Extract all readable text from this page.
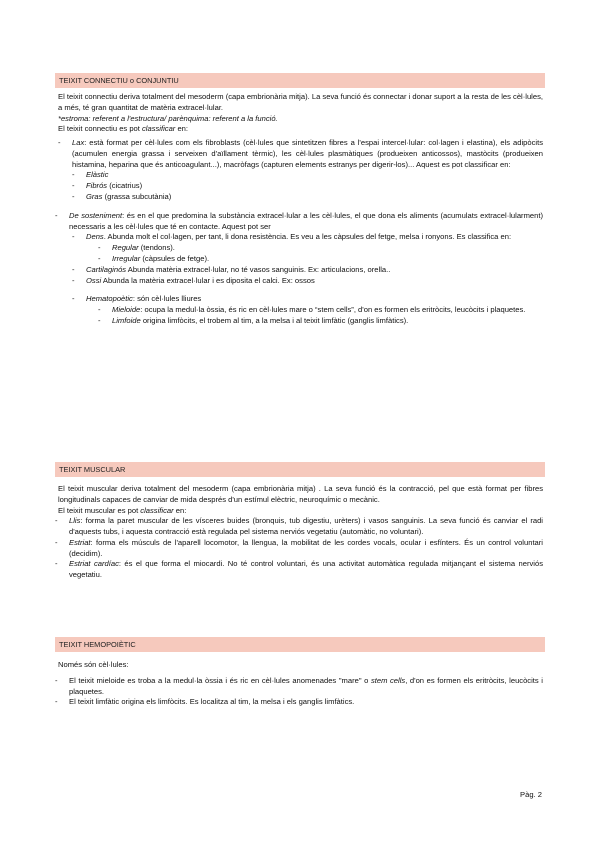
TEIXIT CONNECTIU o CONJUNTIU

El teixit connectiu deriva totalment del mesoderm (capa embrionària mitja). La seva funció és connectar i donar suport a la resta de les cèl·lules, a més, té gran quantitat de matèria extracel·lular.

*estroma: referent a l'estructura/ parènquima: referent a la funció.

El teixit connectiu es pot classificar en:

- Lax: està format per cèl·lules com els fibroblasts (cèl·lules que sintetitzen fibres a l'espai intercel·lular: col·lagen i elastina), els adipòcits (acumulen energia grassa i serveixen d'aïllament tèrmic), les cèl·lules plasmàtiques (produeixen anticossos), mastòcits (produeixen histamina, heparina que és anticoagulant...), macròfags (capturen elements estranys per digerir-los)... Aquest es pot classificar en:
- Elàstic
- Fibrós (cicatrius)
- Gras (grassa subcutània)
- De sosteniment: és en el que predomina la substància extracel·lular a les cèl·lules, el que dona els aliments (acumulats extracel·lularment) necessaris a les cèl·lules que té en contacte. Aquest pot ser
- Dens. Abunda molt el col·lagen, per tant, li dona resistència. Es veu a les càpsules del fetge, melsa i ronyons. Es classifica en:
- Regular (tendons).
- Irregular (càpsules de fetge).
- Cartilaginós Abunda matèria extracel·lular, no té vasos sanguinis. Ex: articulacions, orella..
- Ossi Abunda la matèria extracel·lular i es diposita el calci. Ex: ossos
- Hematopoètic: són cèl·lules lliures
- Mieloide: ocupa la medul·la òssia, és ric en cèl·lules mare o “stem cells”, d'on es formen els eritròcits, leucòcits i plaquetes.
- Limfoide origina limfòcits, el trobem al tim, a la melsa i al teixit limfàtic (ganglis limfàtics).
TEIXIT MUSCULAR

El teixit muscular deriva totalment del mesoderm (capa embrionària mitja) . La seva funció és la contracció, pel que està format per fibres longitudinals capaces de canviar de mida després d'un estímul elèctric, neuroquímic o mecànic.

El teixit muscular es pot classificar en:

- Llis: forma la paret muscular de les vísceres buides (bronquis, tub digestiu, urèters) i vasos sanguinis. La seva funció és canviar el radi d'aquests tubs, i aquesta contracció està regulada pel sistema nerviós vegetatiu (automàtic, no voluntari).
- Estriat: forma els músculs de l'aparell locomotor, la llengua, la mobilitat de les cordes vocals, ocular i esfínters. És un control voluntari (decidim).
- Estriat cardíac: és el que forma el miocardi. No té control voluntari, és una activitat automàtica regulada mitjançant el sistema nerviós vegetatiu.
TEIXIT HEMOPOIÈTIC

Només són cèl·lules:

- El teixit mieloide es troba a la medul·la òssia i és ric en cèl·lules anomenades "mare" o stem cells, d'on es formen els eritròcits, leucòcits i plaquetes.
- El teixit limfàtic origina els limfòcits. Es localitza al tim, la melsa i els ganglis limfàtics.
Pàg. 2
